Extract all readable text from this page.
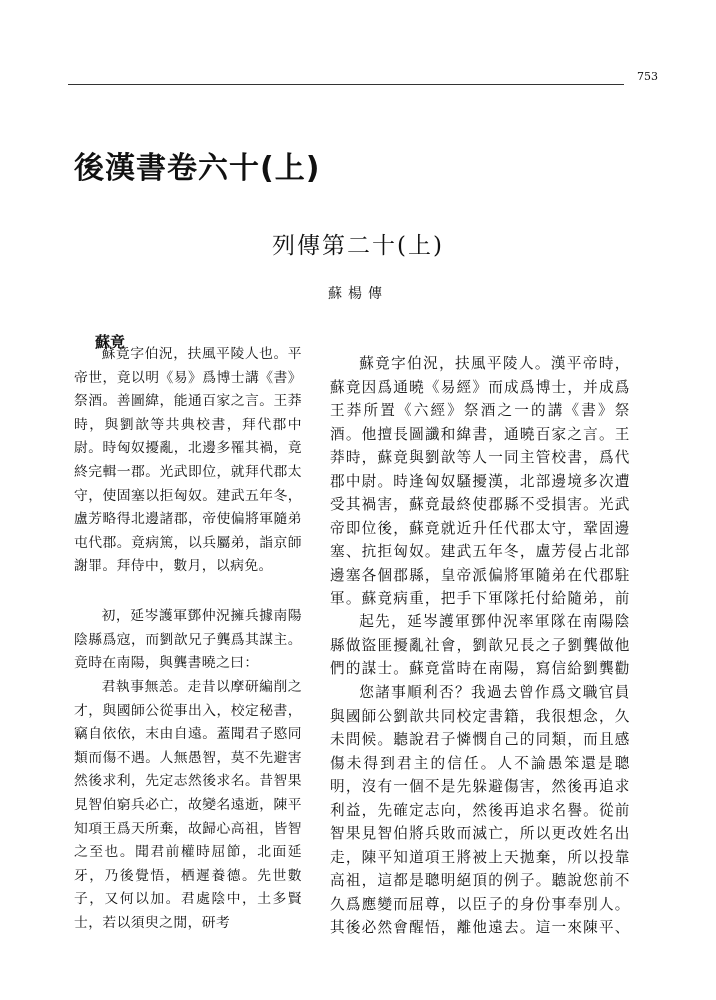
753
後漢書卷六十(上)
列傳第二十(上)
蘇楊傳
蘇竟

蘇竟字伯況，扶風平陵人也。平帝世，竟以明《易》爲博士講《書》祭酒。善圖緯，能通百家之言。王莽時，與劉歆等共典校書，拜代郡中尉。時匈奴擾亂，北邊多罹其禍，竟終完輯一郡。光武即位，就拜代郡太守，使固塞以拒匈奴。建武五年冬，盧芳略得北邊諸郡，帝使偏將軍隨弟屯代郡。竟病篤，以兵屬弟，詣京師謝罪。拜侍中，數月，以病免。

初，延岑護軍鄧仲況擁兵據南陽陰縣爲寇，而劉歆兄子龔爲其謀主。竟時在南陽，與龔書曉之曰：

君執事無恙。走昔以摩研編削之才，與國師公從事出入，校定秘書，竊自依依，末由自遠。蓋聞君子愍同類而傷不遇。人無愚智，莫不先避害然後求利，先定志然後求名。昔智果見智伯窮兵必亡，故變名遠逝，陳平知項王爲天所棄，故歸心高祖，皆智之至也。聞君前權時屈節，北面延牙，乃後覺悟，栖遲養德。先世數子，又何以加。君處陰中，土多賢士，若以須臾之閒，研考

蘇竟字伯況，扶風平陵人。漢平帝時，蘇竟因爲通曉《易經》而成爲博士，并成爲王莽所置《六經》祭酒之一的講《書》祭酒。他擅長圖讖和緯書，通曉百家之言。王莽時，蘇竟與劉歆等人一同主管校書，爲代郡中尉。時逢匈奴騷擾漢，北部邊境多次遭受其禍害，蘇竟最終使郡縣不受損害。光武帝即位後，蘇竟就近升任代郡太守，鞏固邊塞、抗拒匈奴。建武五年冬，盧芳侵占北部邊塞各個郡縣，皇帝派偏將軍隨弟在代郡駐軍。蘇竟病重，把手下軍隊托付給隨弟，前

起先，延岑護軍鄧仲況率軍隊在南陽陰縣做盜匪擾亂社會，劉歆兄長之子劉龔做他們的謀士。蘇竟當時在南陽，寫信給劉龔勸

您諸事順利否？我過去曾作爲文職官員與國師公劉歆共同校定書籍，我很想念，久未問候。聽說君子憐憫自己的同類，而且感傷未得到君主的信任。人不論愚笨還是聰明，沒有一個不是先躲避傷害，然後再追求利益，先確定志向，然後再追求名譽。從前智果見智伯將兵敗而滅亡，所以更改姓名出走，陳平知道項王將被上天拋棄，所以投靠高祖，這都是聰明絕頂的例子。聽說您前不久爲應變而屈尊，以臣子的身份事奉別人。其後必然會醒悟，離他遠去。這一來陳平、
